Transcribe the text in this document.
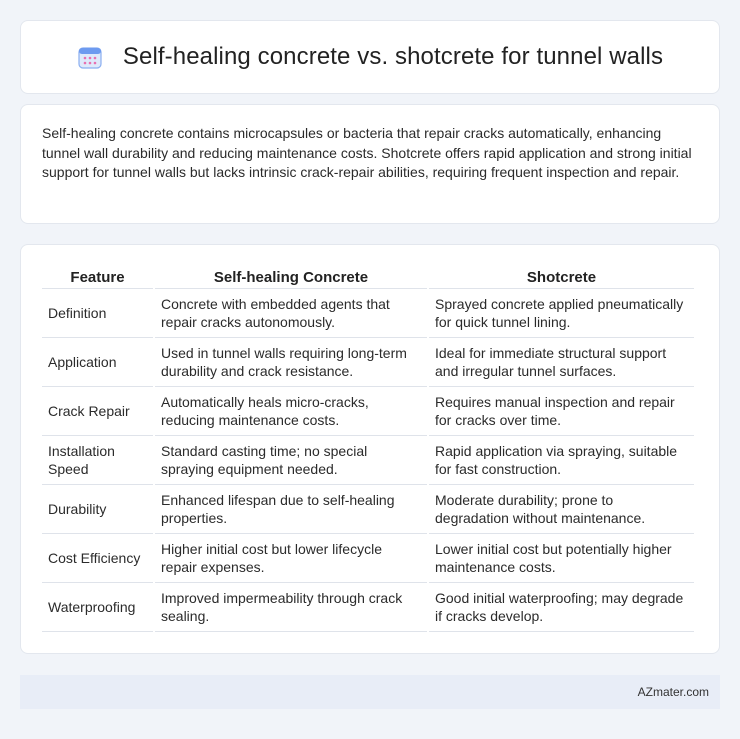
Self-healing concrete vs. shotcrete for tunnel walls

Self-healing concrete contains microcapsules or bacteria that repair cracks automatically, enhancing tunnel wall durability and reducing maintenance costs. Shotcrete offers rapid application and strong initial support for tunnel walls but lacks intrinsic crack-repair abilities, requiring frequent inspection and repair.

Feature	Self-healing Concrete	Shotcrete
Definition	Concrete with embedded agents that repair cracks autonomously.	Sprayed concrete applied pneumatically for quick tunnel lining.
Application	Used in tunnel walls requiring long-term durability and crack resistance.	Ideal for immediate structural support and irregular tunnel surfaces.
Crack Repair	Automatically heals micro-cracks, reducing maintenance costs.	Requires manual inspection and repair for cracks over time.
Installation Speed	Standard casting time; no special spraying equipment needed.	Rapid application via spraying, suitable for fast construction.
Durability	Enhanced lifespan due to self-healing properties.	Moderate durability; prone to degradation without maintenance.
Cost Efficiency	Higher initial cost but lower lifecycle repair expenses.	Lower initial cost but potentially higher maintenance costs.
Waterproofing	Improved impermeability through crack sealing.	Good initial waterproofing; may degrade if cracks develop.
AZmater.com
